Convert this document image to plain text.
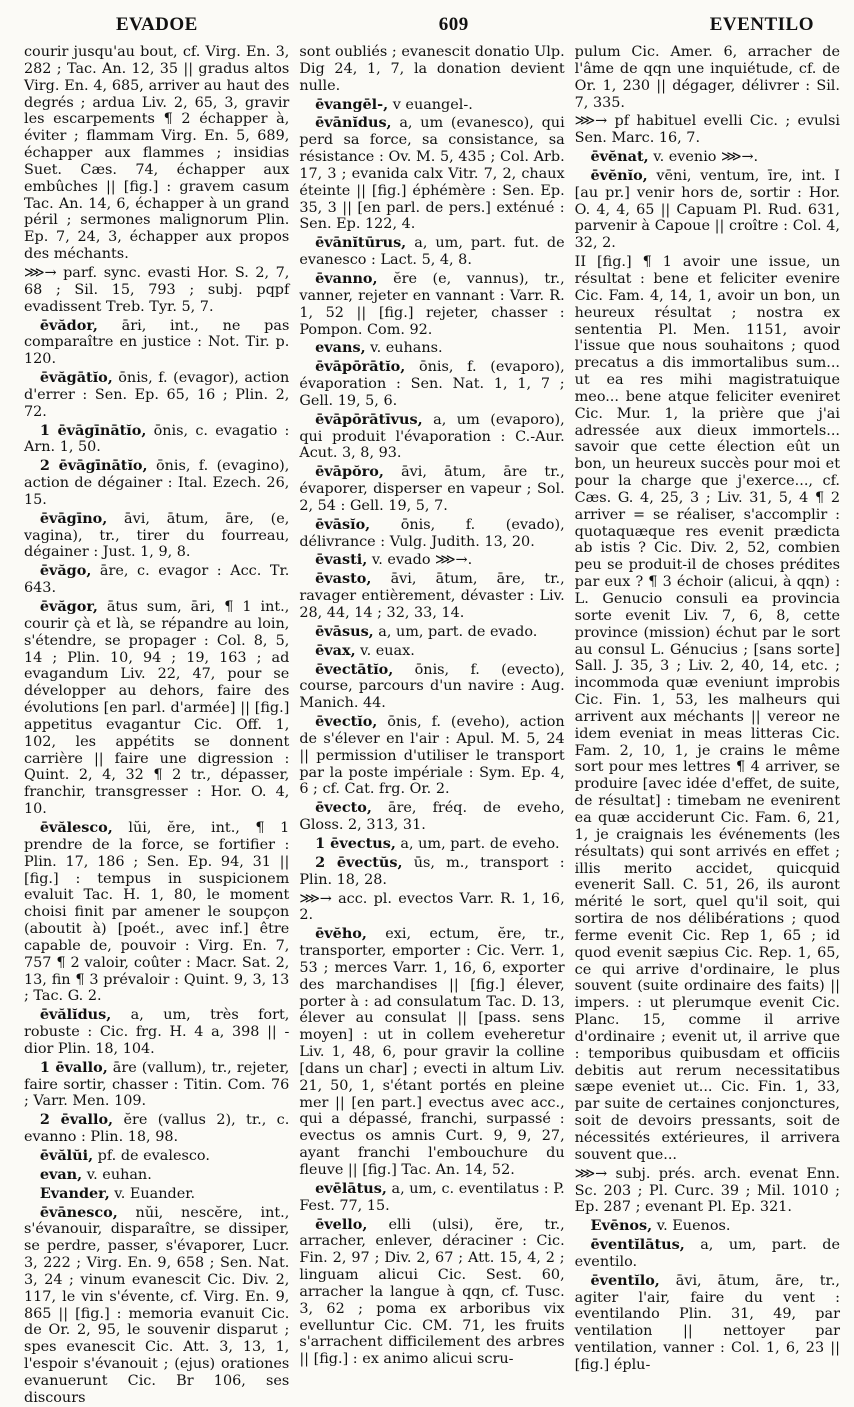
EVADOE	609	EVENTILO

courir jusqu'au bout, cf. Virg. En. 3, 282 ; Tac. An. 12, 35 || gradus altos Virg. En. 4, 685, arriver au haut des degrés ; ardua Liv. 2, 65, 3, gravir les escarpements ¶ 2 échapper à, éviter ; flammam Virg. En. 5, 689, échapper aux flammes ; insidias Suet. Cæs. 74, échapper aux embûches || [fig.] : gravem casum Tac. An. 14, 6, échapper à un grand péril ; sermones malignorum Plin. Ep. 7, 24, 3, échapper aux propos des méchants.

⋙→ parf. sync. evasti Hor. S. 2, 7, 68 ; Sil. 15, 793 ; subj. pqpf evadissent Treb. Tyr. 5, 7.

ēvădor, āri, int., ne pas comparaître en justice : Not. Tir. p. 120.

ēvăgātĭo, ōnis, f. (evagor), action d'errer : Sen. Ep. 65, 16 ; Plin. 2, 72.

1 ēvāgīnātĭo, ōnis, c. evagatio : Arn. 1, 50.

2 ēvāgīnātĭo, ōnis, f. (evagino), action de dégainer : Ital. Ezech. 26, 15.

ēvāgīno, āvi, ātum, āre, (e, vagina), tr., tirer du fourreau, dégainer : Just. 1, 9, 8.

ēvăgo, āre, c. evagor : Acc. Tr. 643.

ēvăgor, ātus sum, āri, ¶ 1 int., courir çà et là, se répandre au loin, s'étendre, se propager : Col. 8, 5, 14 ; Plin. 10, 94 ; 19, 163 ; ad evagandum Liv. 22, 47, pour se développer au dehors, faire des évolutions [en parl. d'armée] || [fig.] appetitus evagantur Cic. Off. 1, 102, les appétits se donnent carrière || faire une digression : Quint. 2, 4, 32 ¶ 2 tr., dépasser, franchir, transgresser : Hor. O. 4, 10.

ēvălesco, lŭi, ĕre, int., ¶ 1 prendre de la force, se fortifier : Plin. 17, 186 ; Sen. Ep. 94, 31 || [fig.] : tempus in suspicionem evaluit Tac. H. 1, 80, le moment choisi finit par amener le soupçon (aboutit à) [poét., avec inf.] être capable de, pouvoir : Virg. En. 7, 757 ¶ 2 valoir, coûter : Macr. Sat. 2, 13, fin ¶ 3 prévaloir : Quint. 9, 3, 13 ; Tac. G. 2.

ēvălĭdus, a, um, très fort, robuste : Cic. frg. H. 4 a, 398 || -dior Plin. 18, 104.

1 ēvallo, āre (vallum), tr., rejeter, faire sortir, chasser : Titin. Com. 76 ; Varr. Men. 109.

2 ēvallo, ĕre (vallus 2), tr., c. evanno : Plin. 18, 98.

ēvălŭi, pf. de evalesco.

evan, v. euhan.

Evander, v. Euander.

ēvānesco, nŭi, nescĕre, int., s'évanouir, disparaître, se dissiper, se perdre, passer, s'évaporer, Lucr. 3, 222 ; Virg. En. 9, 658 ; Sen. Nat. 3, 24 ; vinum evanescit Cic. Div. 2, 117, le vin s'évente, cf. Virg. En. 9, 865 || [fig.] : memoria evanuit Cic. de Or. 2, 95, le souvenir disparut ; spes evanescit Cic. Att. 3, 13, 1, l'espoir s'évanouit ; (ejus) orationes evanuerunt Cic. Br 106, ses discours

sont oubliés ; evanescit donatio Ulp. Dig 24, 1, 7, la donation devient nulle.

ēvangēl-, v euangel-.

ēvānĭdus, a, um (evanesco), qui perd sa force, sa consistance, sa résistance : Ov. M. 5, 435 ; Col. Arb. 17, 3 ; evanida calx Vitr. 7, 2, chaux éteinte || [fig.] éphémère : Sen. Ep. 35, 3 || [en parl. de pers.] exténué : Sen. Ep. 122, 4.

ēvānĭtūrus, a, um, part. fut. de evanesco : Lact. 5, 4, 8.

ēvanno, ĕre (e, vannus), tr., vanner, rejeter en vannant : Varr. R. 1, 52 || [fig.] rejeter, chasser : Pompon. Com. 92.

evans, v. euhans.

ēvāpōrātĭo, ōnis, f. (evaporo), évaporation : Sen. Nat. 1, 1, 7 ; Gell. 19, 5, 6.

ēvāpōrātīvus, a, um (evaporo), qui produit l'évaporation : C.-Aur. Acut. 3, 8, 93.

ēvāpŏro, āvi, ātum, āre tr., évaporer, disperser en vapeur ; Sol. 2, 54 : Gell. 19, 5, 7.

ēvāsĭo, ōnis, f. (evado), délivrance : Vulg. Judith. 13, 20.

ēvasti, v. evado ⋙→.

ēvasto, āvi, ātum, āre, tr., ravager entièrement, dévaster : Liv. 28, 44, 14 ; 32, 33, 14.

ēvāsus, a, um, part. de evado.

ēvax, v. euax.

ēvectātĭo, ōnis, f. (evecto), course, parcours d'un navire : Aug. Manich. 44.

ēvectĭo, ōnis, f. (eveho), action de s'élever en l'air : Apul. M. 5, 24 || permission d'utiliser le transport par la poste impériale : Sym. Ep. 4, 6 ; cf. Cat. frg. Or. 2.

ēvecto, āre, fréq. de eveho, Gloss. 2, 313, 31.

1 ēvectus, a, um, part. de eveho.

2 ēvectŭs, ūs, m., transport : Plin. 18, 28.

⋙→ acc. pl. evectos Varr. R. 1, 16, 2.

ēvĕho, exi, ectum, ĕre, tr., transporter, emporter : Cic. Verr. 1, 53 ; merces Varr. 1, 16, 6, exporter des marchandises || [fig.] élever, porter à : ad consulatum Tac. D. 13, élever au consulat || [pass. sens moyen] : ut in collem eveheretur Liv. 1, 48, 6, pour gravir la colline [dans un char] ; evecti in altum Liv. 21, 50, 1, s'étant portés en pleine mer || [en part.] evectus avec acc., qui a dépassé, franchi, surpassé : evectus os amnis Curt. 9, 9, 27, ayant franchi l'embouchure du fleuve || [fig.] Tac. An. 14, 52.

evēlātus, a, um, c. eventilatus : P. Fest. 77, 15.

ēvello, elli (ulsi), ĕre, tr., arracher, enlever, déraciner : Cic. Fin. 2, 97 ; Div. 2, 67 ; Att. 15, 4, 2 ; linguam alicui Cic. Sest. 60, arracher la langue à qqn, cf. Tusc. 3, 62 ; poma ex arboribus vix evelluntur Cic. CM. 71, les fruits s'arrachent difficilement des arbres || [fig.] : ex animo alicui scru-

pulum Cic. Amer. 6, arracher de l'âme de qqn une inquiétude, cf. de Or. 1, 230 || dégager, délivrer : Sil. 7, 335.

⋙→ pf habituel evelli Cic. ; evulsi Sen. Marc. 16, 7.

ēvĕnat, v. evenio ⋙→.

ēvĕnĭo, vēni, ventum, īre, int. I [au pr.] venir hors de, sortir : Hor. O. 4, 4, 65 || Capuam Pl. Rud. 631, parvenir à Capoue || croître : Col. 4, 32, 2.

II [fig.] ¶ 1 avoir une issue, un résultat : bene et feliciter evenire Cic. Fam. 4, 14, 1, avoir un bon, un heureux résultat ; nostra ex sententia Pl. Men. 1151, avoir l'issue que nous souhaitons ; quod precatus a dis immortalibus sum... ut ea res mihi magistratuique meo... bene atque feliciter eveniret Cic. Mur. 1, la prière que j'ai adressée aux dieux immortels... savoir que cette élection eût un bon, un heureux succès pour moi et pour la charge que j'exerce..., cf. Cæs. G. 4, 25, 3 ; Liv. 31, 5, 4 ¶ 2 arriver = se réaliser, s'accomplir : quotaquæque res evenit prædicta ab istis ? Cic. Div. 2, 52, combien peu se produit-il de choses prédites par eux ? ¶ 3 échoir (alicui, à qqn) : L. Genucio consuli ea provincia sorte evenit Liv. 7, 6, 8, cette province (mission) échut par le sort au consul L. Génucius ; [sans sorte] Sall. J. 35, 3 ; Liv. 2, 40, 14, etc. ; incommoda quæ eveniunt improbis Cic. Fin. 1, 53, les malheurs qui arrivent aux méchants || vereor ne idem eveniat in meas litteras Cic. Fam. 2, 10, 1, je crains le même sort pour mes lettres ¶ 4 arriver, se produire [avec idée d'effet, de suite, de résultat] : timebam ne evenirent ea quæ acciderunt Cic. Fam. 6, 21, 1, je craignais les événements (les résultats) qui sont arrivés en effet ; illis merito accidet, quicquid evenerit Sall. C. 51, 26, ils auront mérité le sort, quel qu'il soit, qui sortira de nos délibérations ; quod ferme evenit Cic. Rep 1, 65 ; id quod evenit sæpius Cic. Rep. 1, 65, ce qui arrive d'ordinaire, le plus souvent (suite ordinaire des faits) || impers. : ut plerumque evenit Cic. Planc. 15, comme il arrive d'ordinaire ; evenit ut, il arrive que : temporibus quibusdam et officiis debitis aut rerum necessitatibus sæpe eveniet ut... Cic. Fin. 1, 33, par suite de certaines conjonctures, soit de devoirs pressants, soit de nécessités extérieures, il arrivera souvent que...

⋙→ subj. prés. arch. evenat Enn. Sc. 203 ; Pl. Curc. 39 ; Mil. 1010 ; Ep. 287 ; evenant Pl. Ep. 321.

Evēnos, v. Euenos.

ēventĭlātus, a, um, part. de eventilo.

ēventĭlo, āvi, ātum, āre, tr., agiter l'air, faire du vent : eventilando Plin. 31, 49, par ventilation || nettoyer par ventilation, vanner : Col. 1, 6, 23 || [fig.] éplu-
